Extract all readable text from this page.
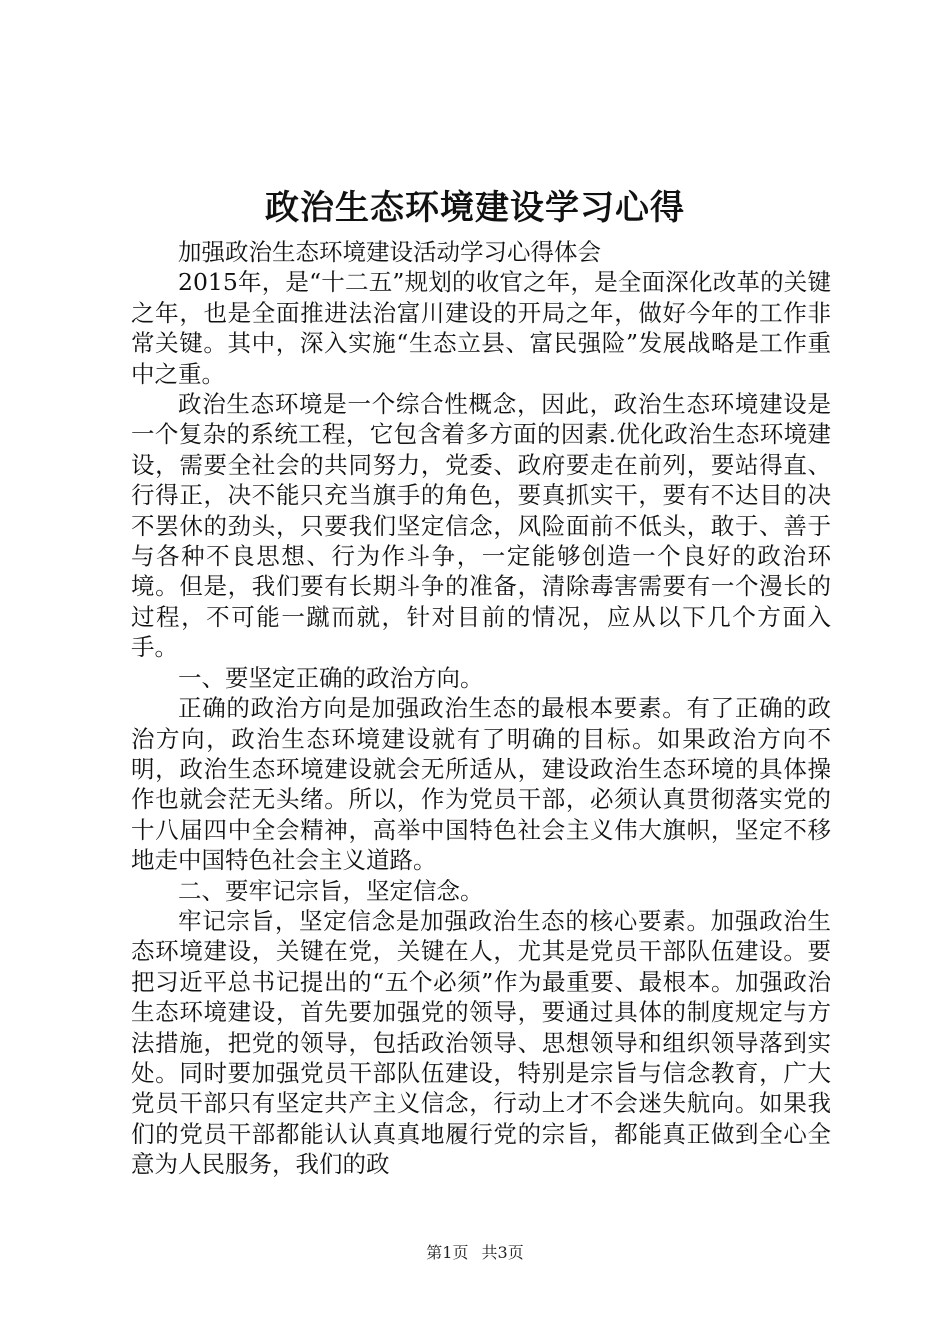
政治生态环境建设学习心得

加强政治生态环境建设活动学习心得体会

2015年，是“十二五”规划的收官之年，是全面深化改革的关键之年，也是全面推进法治富川建设的开局之年，做好今年的工作非常关键。其中，深入实施“生态立县、富民强险”发展战略是工作重中之重。

政治生态环境是一个综合性概念，因此，政治生态环境建设是一个复杂的系统工程，它包含着多方面的因素.优化政治生态环境建设，需要全社会的共同努力，党委、政府要走在前列，要站得直、行得正，决不能只充当旗手的角色，要真抓实干，要有不达目的决不罢休的劲头，只要我们坚定信念，风险面前不低头，敢于、善于与各种不良思想、行为作斗争，一定能够创造一个良好的政治环境。但是，我们要有长期斗争的准备，清除毒害需要有一个漫长的过程，不可能一蹴而就，针对目前的情况，应从以下几个方面入手。

一、要坚定正确的政治方向。

正确的政治方向是加强政治生态的最根本要素。有了正确的政治方向，政治生态环境建设就有了明确的目标。如果政治方向不明，政治生态环境建设就会无所适从，建设政治生态环境的具体操作也就会茫无头绪。所以，作为党员干部，必须认真贯彻落实党的十八届四中全会精神，高举中国特色社会主义伟大旗帜，坚定不移地走中国特色社会主义道路。

二、要牢记宗旨，坚定信念。

牢记宗旨，坚定信念是加强政治生态的核心要素。加强政治生态环境建设，关键在党，关键在人，尤其是党员干部队伍建设。要把习近平总书记提出的“五个必须”作为最重要、最根本。加强政治生态环境建设，首先要加强党的领导，要通过具体的制度规定与方法措施，把党的领导，包括政治领导、思想领导和组织领导落到实处。同时要加强党员干部队伍建设，特别是宗旨与信念教育，广大党员干部只有坚定共产主义信念，行动上才不会迷失航向。如果我们的党员干部都能认认真真地履行党的宗旨，都能真正做到全心全意为人民服务，我们的政

第1页 共3页
